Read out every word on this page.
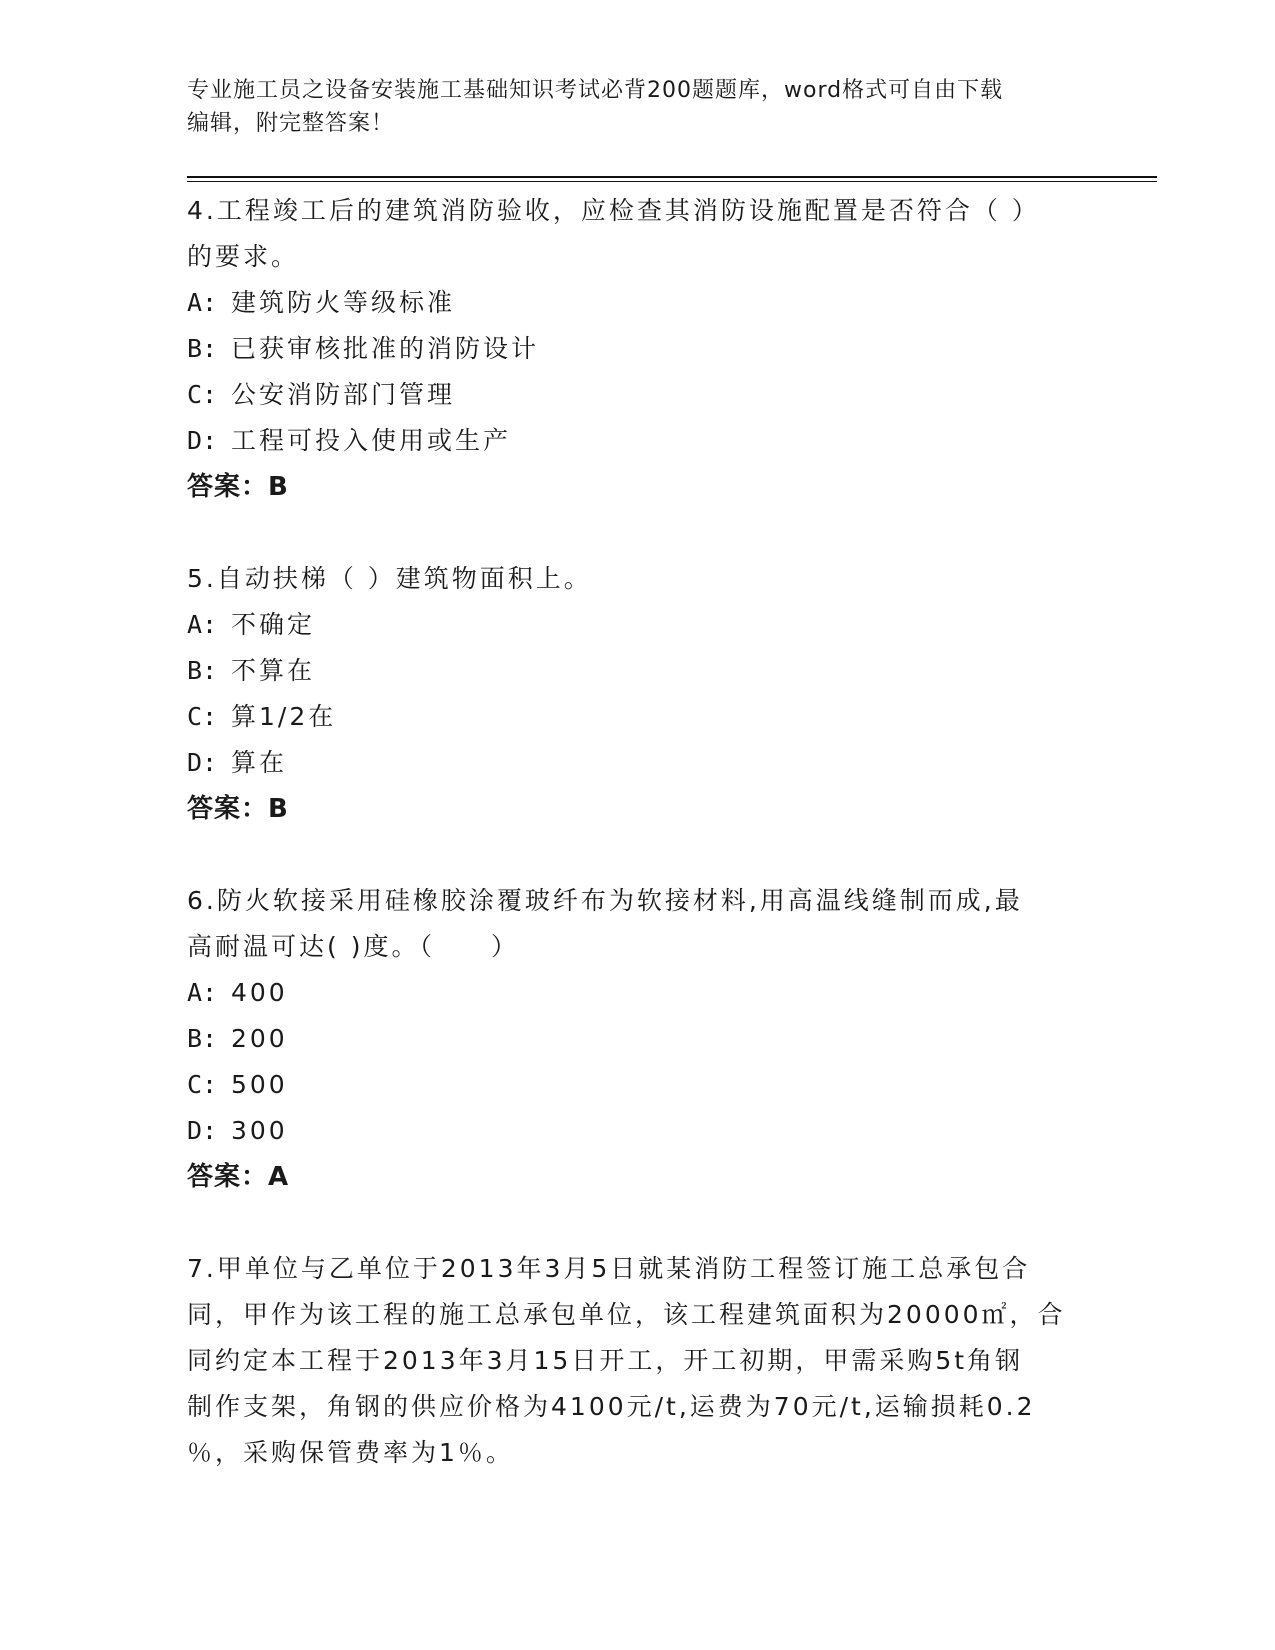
专业施工员之设备安装施工基础知识考试必背200题题库，word格式可自由下载
编辑，附完整答案！
4.工程竣工后的建筑消防验收，应检查其消防设施配置是否符合（ ）
的要求。
A: 建筑防火等级标准
B: 已获审核批准的消防设计
C: 公安消防部门管理
D: 工程可投入使用或生产
答案：B
5.自动扶梯（ ）建筑物面积上。
A: 不确定
B: 不算在
C: 算1/2在
D: 算在
答案：B
6.防火软接采用硅橡胶涂覆玻纤布为软接材料,用高温线缝制而成,最
高耐温可达( )度。（　　）
A: 400
B: 200
C: 500
D: 300
答案：A
7.甲单位与乙单位于2013年3月5日就某消防工程签订施工总承包合
同，甲作为该工程的施工总承包单位，该工程建筑面积为20000㎡，合
同约定本工程于2013年3月15日开工，开工初期，甲需采购5t角钢
制作支架，角钢的供应价格为4100元/t,运费为70元/t,运输损耗0.2
％，采购保管费率为1％。
